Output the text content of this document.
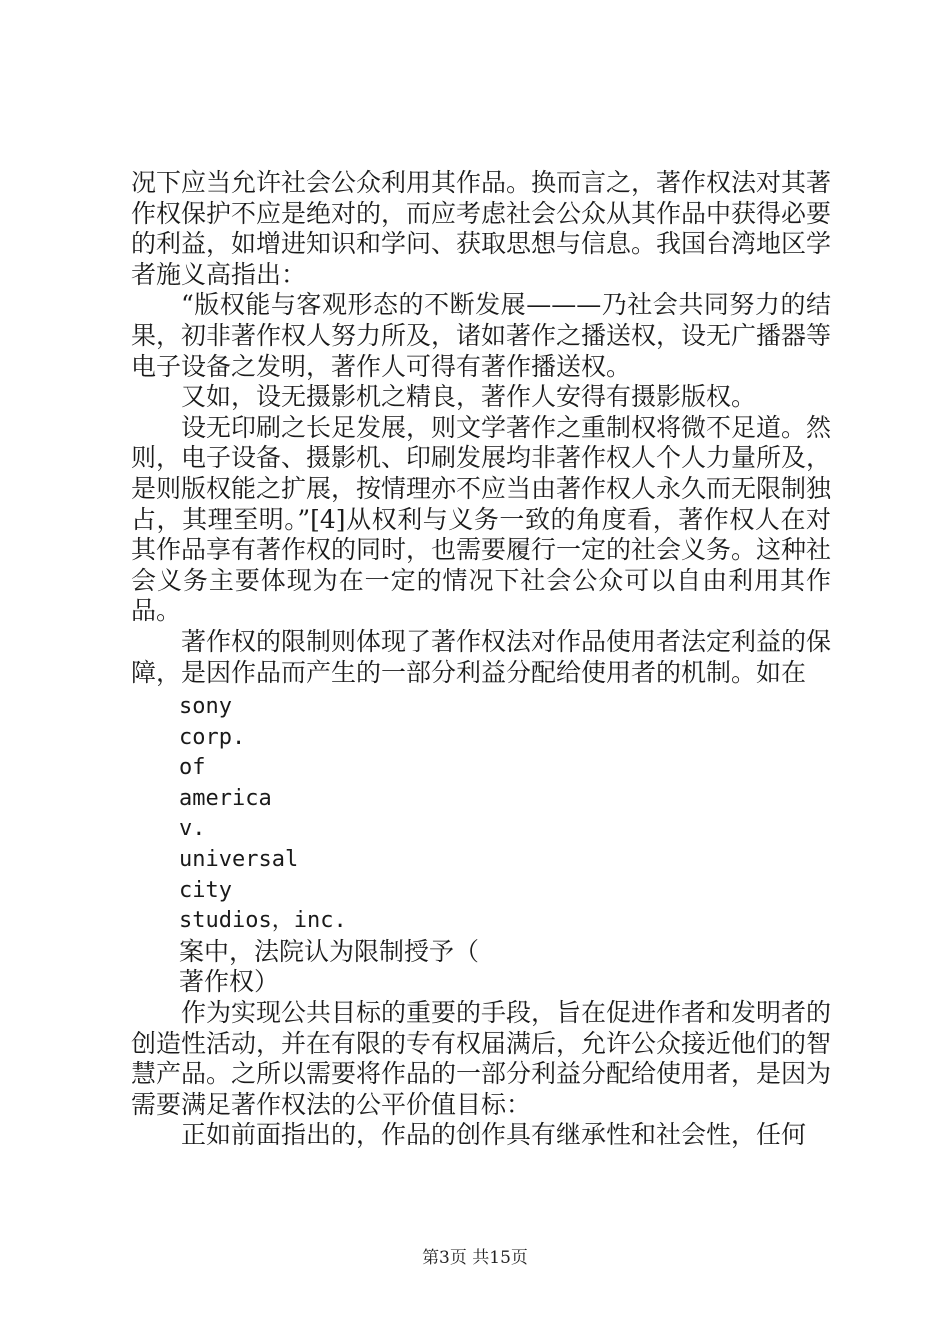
况下应当允许社会公众利用其作品。换而言之，著作权法对其著作权保护不应是绝对的，而应考虑社会公众从其作品中获得必要的利益，如增进知识和学问、获取思想与信息。我国台湾地区学者施义高指出：

“版权能与客观形态的不断发展———乃社会共同努力的结果，初非著作权人努力所及，诸如著作之播送权，设无广播器等电子设备之发明，著作人可得有著作播送权。

又如，设无摄影机之精良，著作人安得有摄影版权。

设无印刷之长足发展，则文学著作之重制权将微不足道。然则，电子设备、摄影机、印刷发展均非著作权人个人力量所及，是则版权能之扩展，按情理亦不应当由著作权人永久而无限制独占，其理至明。”[4]从权利与义务一致的角度看，著作权人在对其作品享有著作权的同时，也需要履行一定的社会义务。这种社会义务主要体现为在一定的情况下社会公众可以自由利用其作品。

著作权的限制则体现了著作权法对作品使用者法定利益的保障，是因作品而产生的一部分利益分配给使用者的机制。如在

sony

corp.

of

america

v.

universal

city

studios，inc.

案中，法院认为限制授予（

著作权）

作为实现公共目标的重要的手段，旨在促进作者和发明者的创造性活动，并在有限的专有权届满后，允许公众接近他们的智慧产品。之所以需要将作品的一部分利益分配给使用者，是因为需要满足著作权法的公平价值目标：

正如前面指出的，作品的创作具有继承性和社会性，任何

第3页 共15页
